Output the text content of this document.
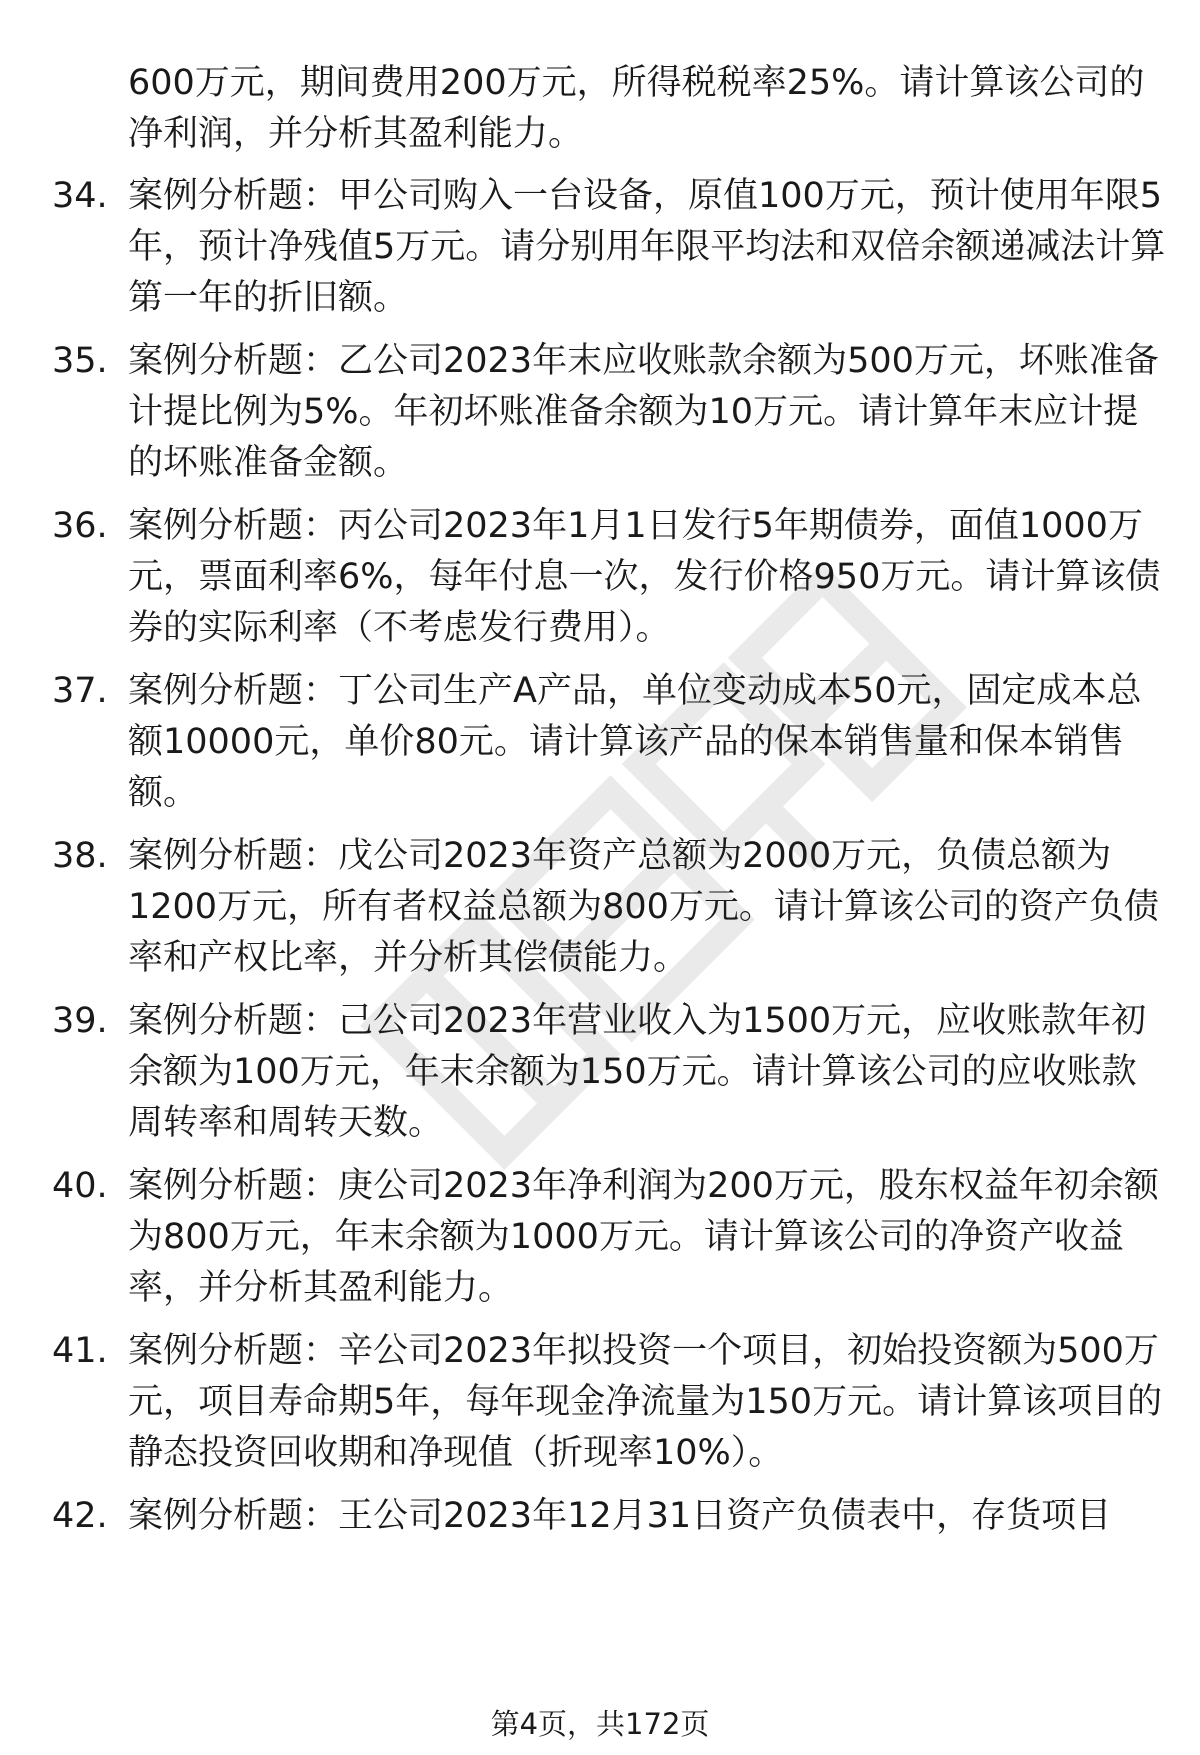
600万元，期间费用200万元，所得税税率25%。请计算该公司的净利润，并分析其盈利能力。
34. 案例分析题：甲公司购入一台设备，原值100万元，预计使用年限5年，预计净残值5万元。请分别用年限平均法和双倍余额递减法计算第一年的折旧额。
35. 案例分析题：乙公司2023年末应收账款余额为500万元，坏账准备计提比例为5%。年初坏账准备余额为10万元。请计算年末应计提的坏账准备金额。
36. 案例分析题：丙公司2023年1月1日发行5年期债券，面值1000万元，票面利率6%，每年付息一次，发行价格950万元。请计算该债券的实际利率（不考虑发行费用）。
37. 案例分析题：丁公司生产A产品，单位变动成本50元，固定成本总额10000元，单价80元。请计算该产品的保本销售量和保本销售额。
38. 案例分析题：戊公司2023年资产总额为2000万元，负债总额为1200万元，所有者权益总额为800万元。请计算该公司的资产负债率和产权比率，并分析其偿债能力。
39. 案例分析题：己公司2023年营业收入为1500万元，应收账款年初余额为100万元，年末余额为150万元。请计算该公司的应收账款周转率和周转天数。
40. 案例分析题：庚公司2023年净利润为200万元，股东权益年初余额为800万元，年末余额为1000万元。请计算该公司的净资产收益率，并分析其盈利能力。
41. 案例分析题：辛公司2023年拟投资一个项目，初始投资额为500万元，项目寿命期5年，每年现金净流量为150万元。请计算该项目的静态投资回收期和净现值（折现率10%）。
42. 案例分析题：王公司2023年12月31日资产负债表中，存货项目
第4页，共172页
